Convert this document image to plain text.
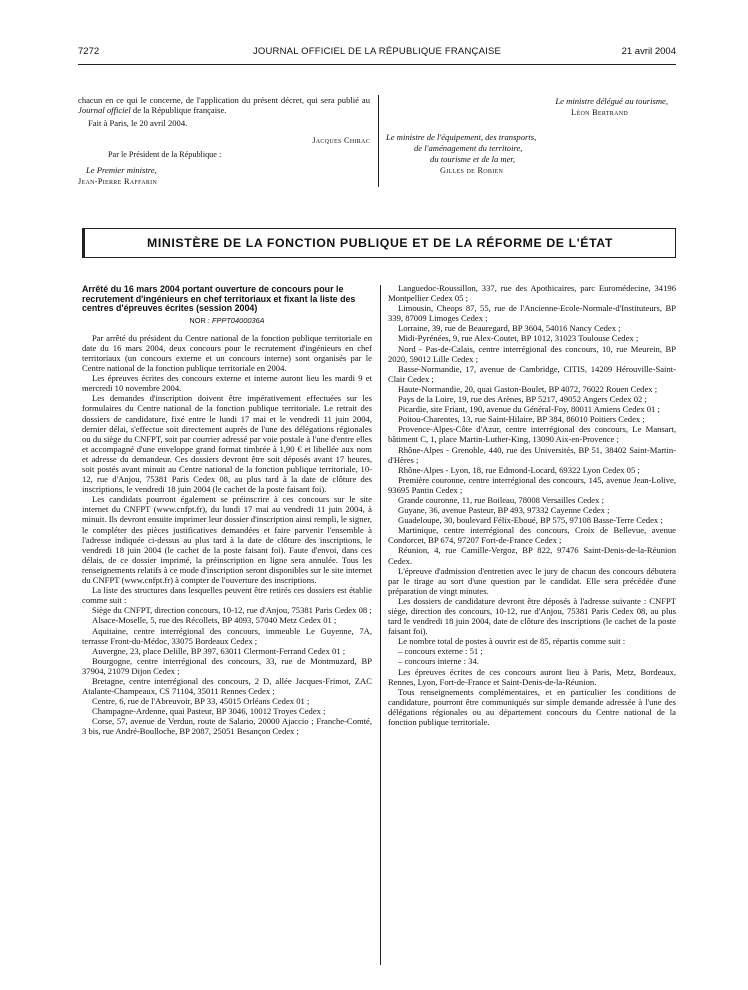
7272	JOURNAL OFFICIEL DE LA RÉPUBLIQUE FRANÇAISE	21 avril 2004

chacun en ce qui le concerne, de l'application du présent décret, qui sera publié au Journal officiel de la République française.

Fait à Paris, le 20 avril 2004.

Jacques Chirac
Par le Président de la République :
Le Premier ministre,
Jean-Pierre Raffarin
Le ministre délégué au tourisme,
Léon Bertrand
Le ministre de l'équipement, des transports,
de l'aménagement du territoire,
du tourisme et de la mer,
Gilles de Robien
MINISTÈRE DE LA FONCTION PUBLIQUE ET DE LA RÉFORME DE L'ÉTAT

Arrêté du 16 mars 2004 portant ouverture de concours pour le recrutement d'ingénieurs en chef territoriaux et fixant la liste des centres d'épreuves écrites (session 2004)

NOR : FPPT0400036A

Par arrêté du président du Centre national de la fonction publique territoriale en date du 16 mars 2004, deux concours pour le recrutement d'ingénieurs en chef territoriaux (un concours externe et un concours interne) sont organisés par le Centre national de la fonction publique territoriale en 2004.

Les épreuves écrites des concours externe et interne auront lieu les mardi 9 et mercredi 10 novembre 2004.

Les demandes d'inscription doivent être impérativement effectuées sur les formulaires du Centre national de la fonction publique territoriale. Le retrait des dossiers de candidature, fixé entre le lundi 17 mai et le vendredi 11 juin 2004, dernier délai, s'effectue soit directement auprès de l'une des délégations régionales ou du siège du CNFPT, soit par courrier adressé par voie postale à l'une d'entre elles et accompagné d'une enveloppe grand format timbrée à 1,90 € et libellée aux nom et adresse du demandeur. Ces dossiers devront être soit déposés avant 17 heures, soit postés avant minuit au Centre national de la fonction publique territoriale, 10-12, rue d'Anjou, 75381 Paris Cedex 08, au plus tard à la date de clôture des inscriptions, le vendredi 18 juin 2004 (le cachet de la poste faisant foi).

Les candidats pourront également se préinscrire à ces concours sur le site internet du CNFPT (www.cnfpt.fr), du lundi 17 mai au vendredi 11 juin 2004, à minuit. Ils devront ensuite imprimer leur dossier d'inscription ainsi rempli, le signer, le compléter des pièces justificatives demandées et faire parvenir l'ensemble à l'adresse indiquée ci-dessus au plus tard à la date de clôture des inscriptions, le vendredi 18 juin 2004 (le cachet de la poste faisant foi). Faute d'envoi, dans ces délais, de ce dossier imprimé, la préinscription en ligne sera annulée. Tous les renseignements relatifs à ce mode d'inscription seront disponibles sur le site internet du CNFPT (www.cnfpt.fr) à compter de l'ouverture des inscriptions.

La liste des structures dans lesquelles peuvent être retirés ces dossiers est établie comme suit :

Siège du CNFPT, direction concours, 10-12, rue d'Anjou, 75381 Paris Cedex 08 ;

Alsace-Moselle, 5, rue des Récollets, BP 4093, 57040 Metz Cedex 01 ;

Aquitaine, centre interrégional des concours, immeuble Le Guyenne, 7A, terrasse Front-du-Médoc, 33075 Bordeaux Cedex ;

Auvergne, 23, place Delille, BP 397, 63011 Clermont-Ferrand Cedex 01 ;

Bourgogne, centre interrégional des concours, 33, rue de Montmuzard, BP 37904, 21079 Dijon Cedex ;

Bretagne, centre interrégional des concours, 2 D, allée Jacques-Frimot, ZAC Atalante-Champeaux, CS 71104, 35011 Rennes Cedex ;

Centre, 6, rue de l'Abreuvoir, BP 33, 45015 Orléans Cedex 01 ;

Champagne-Ardenne, quai Pasteur, BP 3046, 10012 Troyes Cedex ;

Corse, 57, avenue de Verdun, route de Salario, 20000 Ajaccio ; Franche-Comté, 3 bis, rue André-Boulloche, BP 2087, 25051 Besançon Cedex ;

Languedoc-Roussillon, 337, rue des Apothicaires, parc Euromédecine, 34196 Montpellier Cedex 05 ;

Limousin, Cheops 87, 55, rue de l'Ancienne-Ecole-Normale-d'Instituteurs, BP 339, 87009 Limoges Cedex ;

Lorraine, 39, rue de Beauregard, BP 3604, 54016 Nancy Cedex ;

Midi-Pyrénées, 9, rue Alex-Coutet, BP 1012, 31023 Toulouse Cedex ;

Nord - Pas-de-Calais, centre interrégional des concours, 10, rue Meurein, BP 2020, 59012 Lille Cedex ;

Basse-Normandie, 17, avenue de Cambridge, CITIS, 14209 Hérouville-Saint-Clair Cedex ;

Haute-Normandie, 20, quai Gaston-Boulet, BP 4072, 76022 Rouen Cedex ;

Pays de la Loire, 19, rue des Arènes, BP 5217, 49052 Angers Cedex 02 ;

Picardie, site Friant, 190, avenue du Général-Foy, 80011 Amiens Cedex 01 ;

Poitou-Charentes, 13, rue Saint-Hilaire, BP 384, 86010 Poitiers Cedex ;

Provence-Alpes-Côte d'Azur, centre interrégional des concours, Le Mansart, bâtiment C, 1, place Martin-Luther-King, 13090 Aix-en-Provence ;

Rhône-Alpes - Grenoble, 440, rue des Universités, BP 51, 38402 Saint-Martin-d'Hères ;

Rhône-Alpes - Lyon, 18, rue Edmond-Locard, 69322 Lyon Cedex 05 ;

Première couronne, centre interrégional des concours, 145, avenue Jean-Lolive, 93695 Pantin Cedex ;

Grande couronne, 11, rue Boileau, 78008 Versailles Cedex ;

Guyane, 36, avenue Pasteur, BP 493, 97332 Cayenne Cedex ;

Guadeloupe, 30, boulevard Félix-Eboué, BP 575, 97108 Basse-Terre Cedex ;

Martinique, centre interrégional des concours, Croix de Bellevue, avenue Condorcet, BP 674, 97207 Fort-de-France Cedex ;

Réunion, 4, rue Camille-Vergoz, BP 822, 97476 Saint-Denis-de-la-Réunion Cedex.

L'épreuve d'admission d'entretien avec le jury de chacun des concours débutera par le tirage au sort d'une question par le candidat. Elle sera précédée d'une préparation de vingt minutes.

Les dossiers de candidature devront être déposés à l'adresse suivante : CNFPT siège, direction des concours, 10-12, rue d'Anjou, 75381 Paris Cedex 08, au plus tard le vendredi 18 juin 2004, date de clôture des inscriptions (le cachet de la poste faisant foi).

Le nombre total de postes à ouvrir est de 85, répartis comme suit :

– concours externe : 51 ;

– concours interne : 34.

Les épreuves écrites de ces concours auront lieu à Paris, Metz, Bordeaux, Rennes, Lyon, Fort-de-France et Saint-Denis-de-la-Réunion.

Tous renseignements complémentaires, et en particulier les conditions de candidature, pourront être communiqués sur simple demande adressée à l'une des délégations régionales ou au département concours du Centre national de la fonction publique territoriale.
